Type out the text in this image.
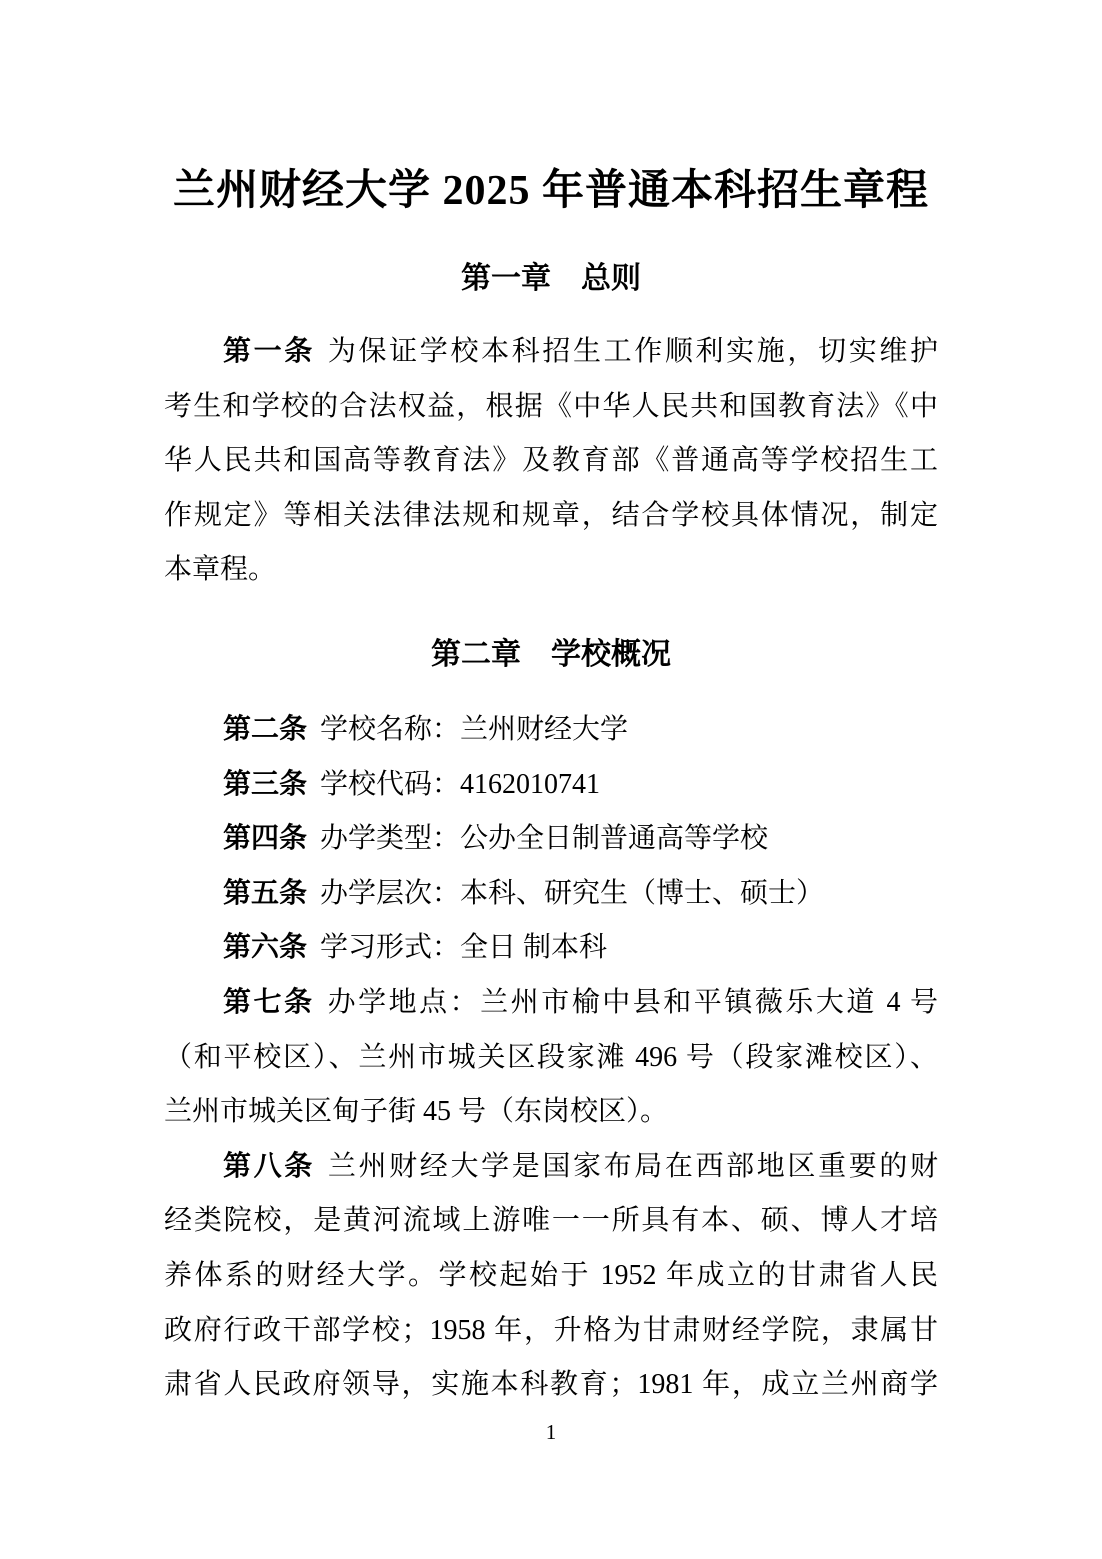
兰州财经大学 2025 年普通本科招生章程
第一章　总则

第一条 为保证学校本科招生工作顺利实施，切实维护

考生和学校的合法权益，根据《中华人民共和国教育法》《中

华人民共和国高等教育法》及教育部《普通高等学校招生工

作规定》等相关法律法规和规章，结合学校具体情况，制定

本章程。

第二章　学校概况

第二条 学校名称：兰州财经大学

第三条 学校代码：4162010741

第四条 办学类型：公办全日制普通高等学校

第五条 办学层次：本科、研究生（博士、硕士）

第六条 学习形式：全日 制本科

第七条 办学地点：兰州市榆中县和平镇薇乐大道 4 号

（和平校区）、兰州市城关区段家滩 496 号（段家滩校区）、

兰州市城关区甸子街 45 号（东岗校区）。

第八条 兰州财经大学是国家布局在西部地区重要的财

经类院校，是黄河流域上游唯一一所具有本、硕、博人才培

养体系的财经大学。学校起始于 1952 年成立的甘肃省人民

政府行政干部学校；1958 年，升格为甘肃财经学院，隶属甘

肃省人民政府领导，实施本科教育；1981 年，成立兰州商学

1
